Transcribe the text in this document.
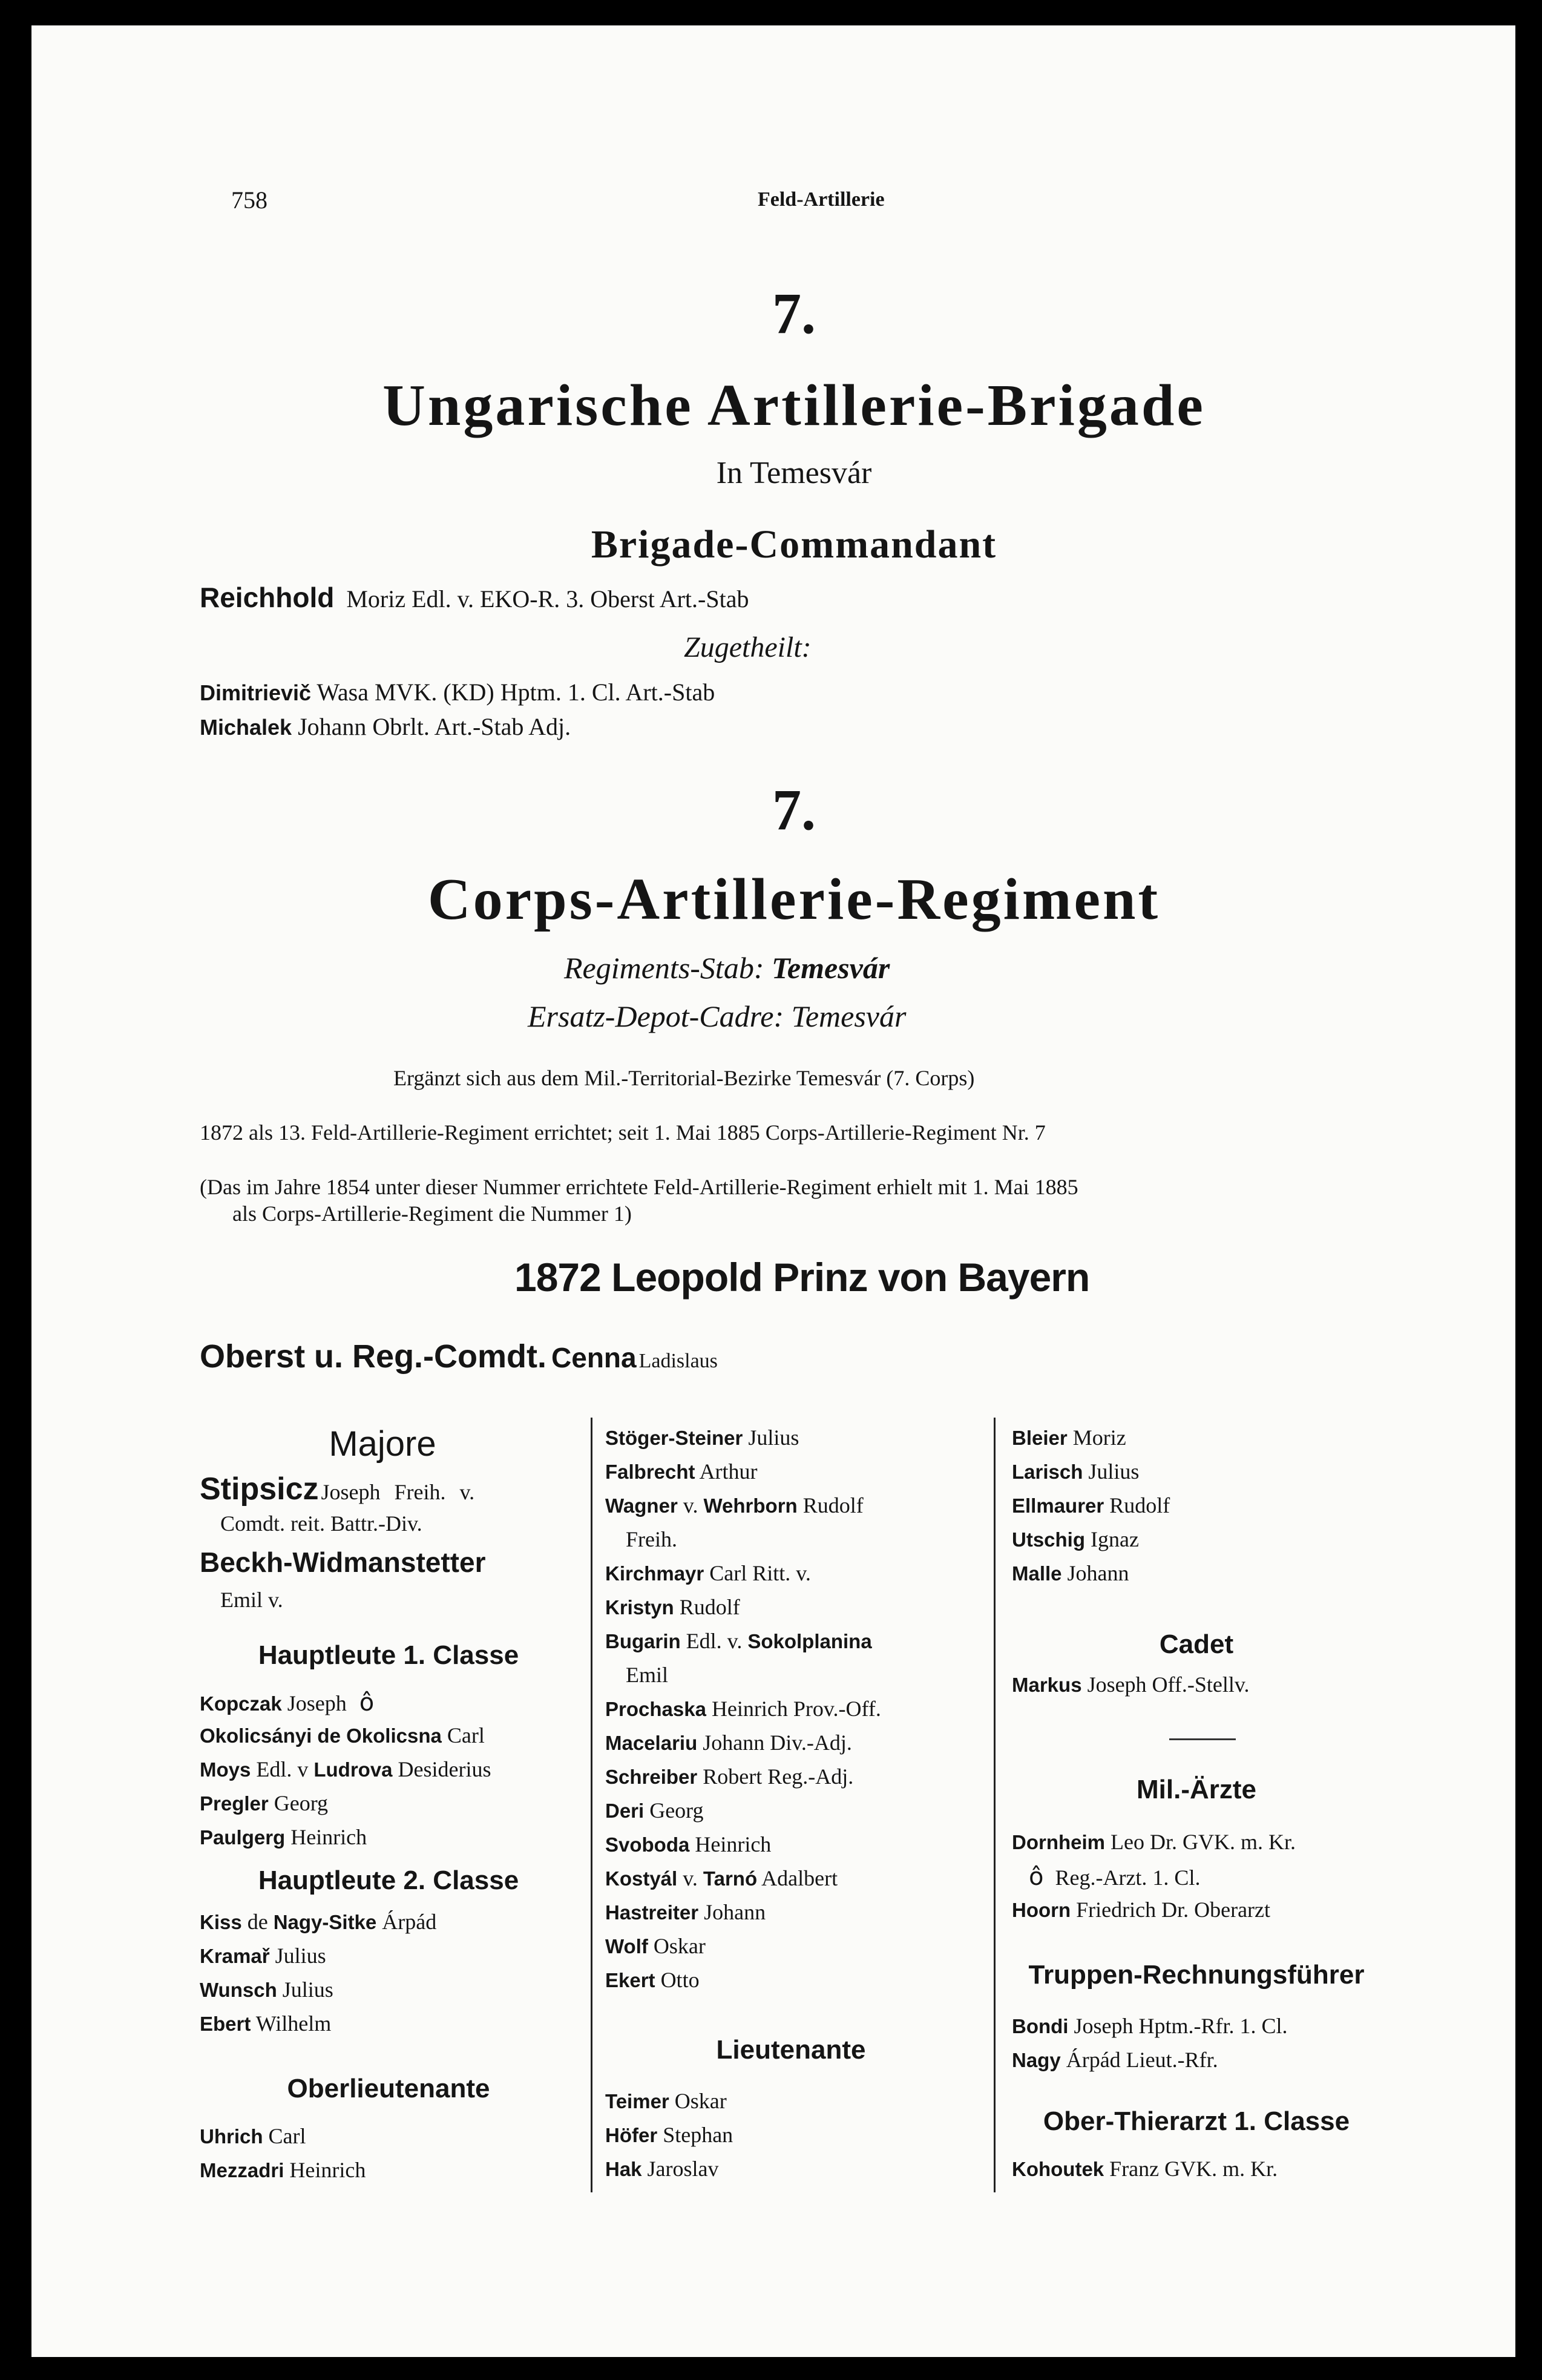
758	Feld-Artillerie
7.
Ungarische Artillerie-Brigade
In Temesvár
Brigade-Commandant
Reichhold Moriz Edl. v. EKO-R. 3. Oberst Art.-Stab
Zugetheilt:
Dimitrievič Wasa MVK. (KD) Hptm. 1. Cl. Art.-Stab
Michalek Johann Obrlt. Art.-Stab Adj.
7.
Corps-Artillerie-Regiment
Regiments-Stab: Temesvár
Ersatz-Depot-Cadre: Temesvár
Ergänzt sich aus dem Mil.-Territorial-Bezirke Temesvár (7. Corps)
1872 als 13. Feld-Artillerie-Regiment errichtet; seit 1. Mai 1885 Corps-Artillerie-Regiment Nr. 7
(Das im Jahre 1854 unter dieser Nummer errichtete Feld-Artillerie-Regiment erhielt mit 1. Mai 1885
als Corps-Artillerie-Regiment die Nummer 1)
1872 Leopold Prinz von Bayern
Oberst u. Reg.-Comdt. Cenna Ladislaus
Majore
Stipsicz Joseph Freih. v.
Comdt. reit. Battr.-Div.
Beckh-Widmanstetter
Emil v.
Hauptleute 1. Classe
Kopczak Joseph ô
Okolicsányi de Okolicsna Carl
Moys Edl. v Ludrova Desiderius
Pregler Georg
Paulgerg Heinrich
Hauptleute 2. Classe
Kiss de Nagy-Sitke Árpád
Kramař Julius
Wunsch Julius
Ebert Wilhelm
Oberlieutenante
Uhrich Carl
Mezzadri Heinrich
Stöger-Steiner Julius
Falbrecht Arthur
Wagner v. Wehrborn Rudolf
Freih.
Kirchmayr Carl Ritt. v.
Kristyn Rudolf
Bugarin Edl. v. Sokolplanina
Emil
Prochaska Heinrich Prov.-Off.
Macelariu Johann Div.-Adj.
Schreiber Robert Reg.-Adj.
Deri Georg
Svoboda Heinrich
Kostyál v. Tarnó Adalbert
Hastreiter Johann
Wolf Oskar
Ekert Otto
Lieutenante
Teimer Oskar
Höfer Stephan
Hak Jaroslav
Bleier Moriz
Larisch Julius
Ellmaurer Rudolf
Utschig Ignaz
Malle Johann
Cadet
Markus Joseph Off.-Stellv.
Mil.-Ärzte
Dornheim Leo Dr. GVK. m. Kr.
ô Reg.-Arzt. 1. Cl.
Hoorn Friedrich Dr. Oberarzt
Truppen-Rechnungsführer
Bondi Joseph Hptm.-Rfr. 1. Cl.
Nagy Árpád Lieut.-Rfr.
Ober-Thierarzt 1. Classe
Kohoutek Franz GVK. m. Kr.
